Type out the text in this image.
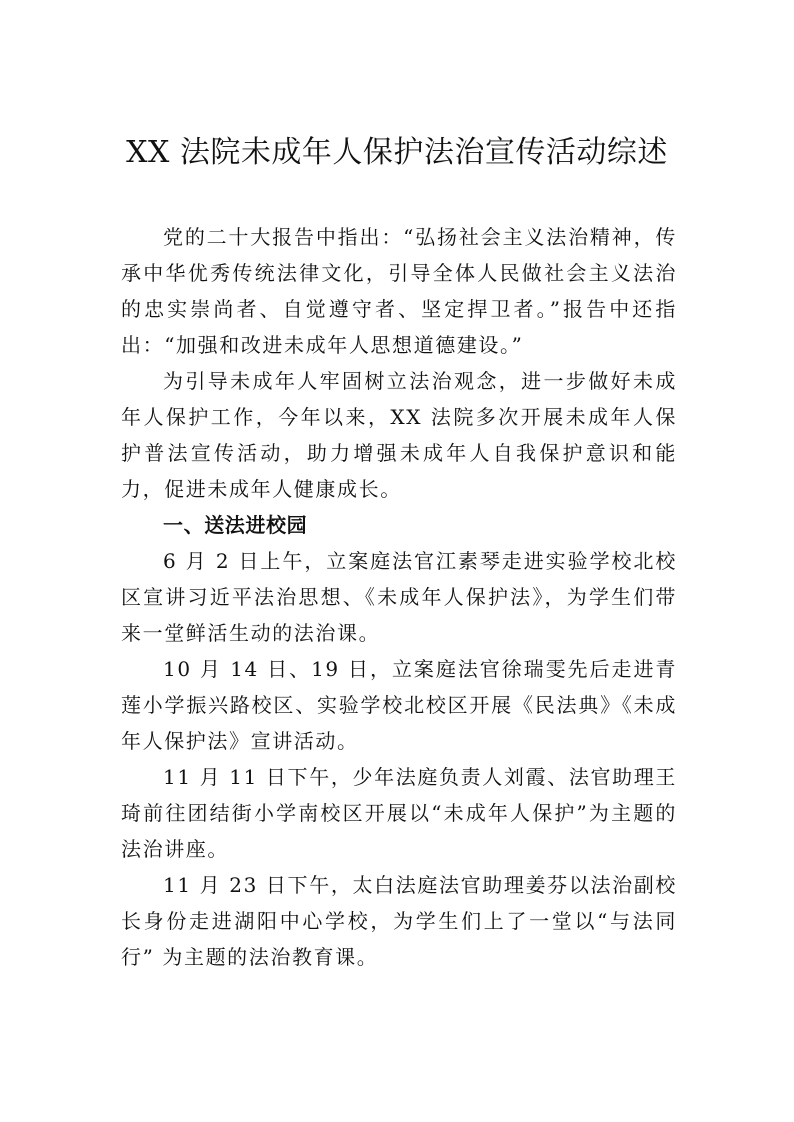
XX 法院未成年人保护法治宣传活动综述

党的二十大报告中指出：“弘扬社会主义法治精神，传承中华优秀传统法律文化，引导全体人民做社会主义法治的忠实崇尚者、自觉遵守者、坚定捍卫者。”报告中还指出：“加强和改进未成年人思想道德建设。”

为引导未成年人牢固树立法治观念，进一步做好未成年人保护工作，今年以来，XX 法院多次开展未成年人保护普法宣传活动，助力增强未成年人自我保护意识和能力，促进未成年人健康成长。

一、送法进校园

6 月 2 日上午，立案庭法官江素琴走进实验学校北校区宣讲习近平法治思想、《未成年人保护法》，为学生们带来一堂鲜活生动的法治课。

10 月 14 日、19 日，立案庭法官徐瑞雯先后走进青莲小学振兴路校区、实验学校北校区开展《民法典》《未成年人保护法》宣讲活动。

11 月 11 日下午，少年法庭负责人刘霞、法官助理王琦前往团结街小学南校区开展以“未成年人保护”为主题的法治讲座。

11 月 23 日下午，太白法庭法官助理姜芬以法治副校长身份走进湖阳中心学校，为学生们上了一堂以“与法同行” 为主题的法治教育课。
